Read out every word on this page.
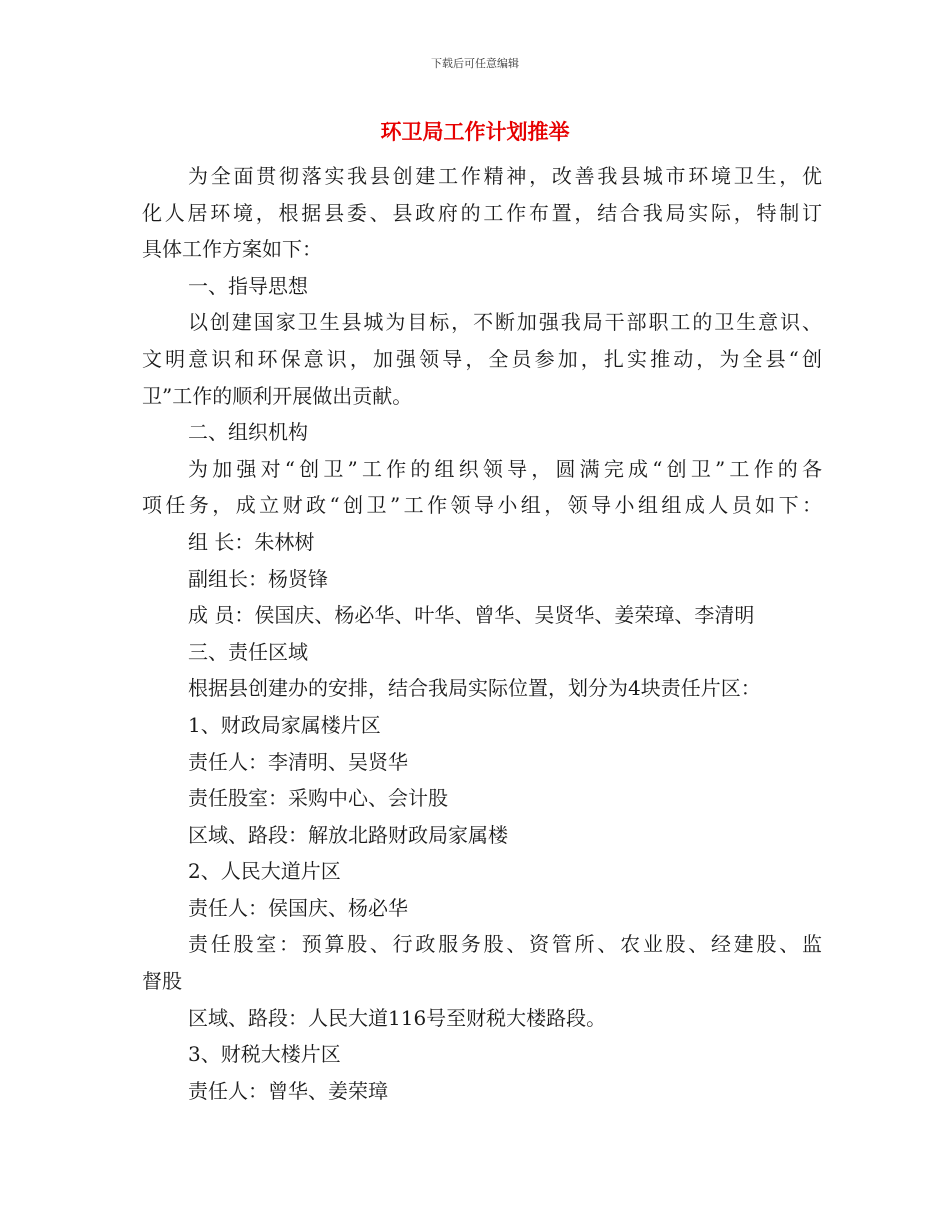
下载后可任意编辑
环卫局工作计划推举
为全面贯彻落实我县创建工作精神，改善我县城市环境卫生，优
化人居环境，根据县委、县政府的工作布置，结合我局实际，特制订
具体工作方案如下：
一、指导思想
以创建国家卫生县城为目标，不断加强我局干部职工的卫生意识、
文明意识和环保意识，加强领导，全员参加，扎实推动，为全县“创
卫”工作的顺利开展做出贡献。
二、组织机构
为加强对“创卫”工作的组织领导，圆满完成“创卫”工作的各
项任务，成立财政“创卫”工作领导小组，领导小组组成人员如下：
组 长：朱林树
副组长：杨贤锋
成 员：侯国庆、杨必华、叶华、曾华、吴贤华、姜荣璋、李清明
三、责任区域
根据县创建办的安排，结合我局实际位置，划分为4块责任片区：
1、财政局家属楼片区
责任人：李清明、吴贤华
责任股室：采购中心、会计股
区域、路段：解放北路财政局家属楼
2、人民大道片区
责任人：侯国庆、杨必华
责任股室：预算股、行政服务股、资管所、农业股、经建股、监
督股
区域、路段：人民大道116号至财税大楼路段。
3、财税大楼片区
责任人：曾华、姜荣璋
